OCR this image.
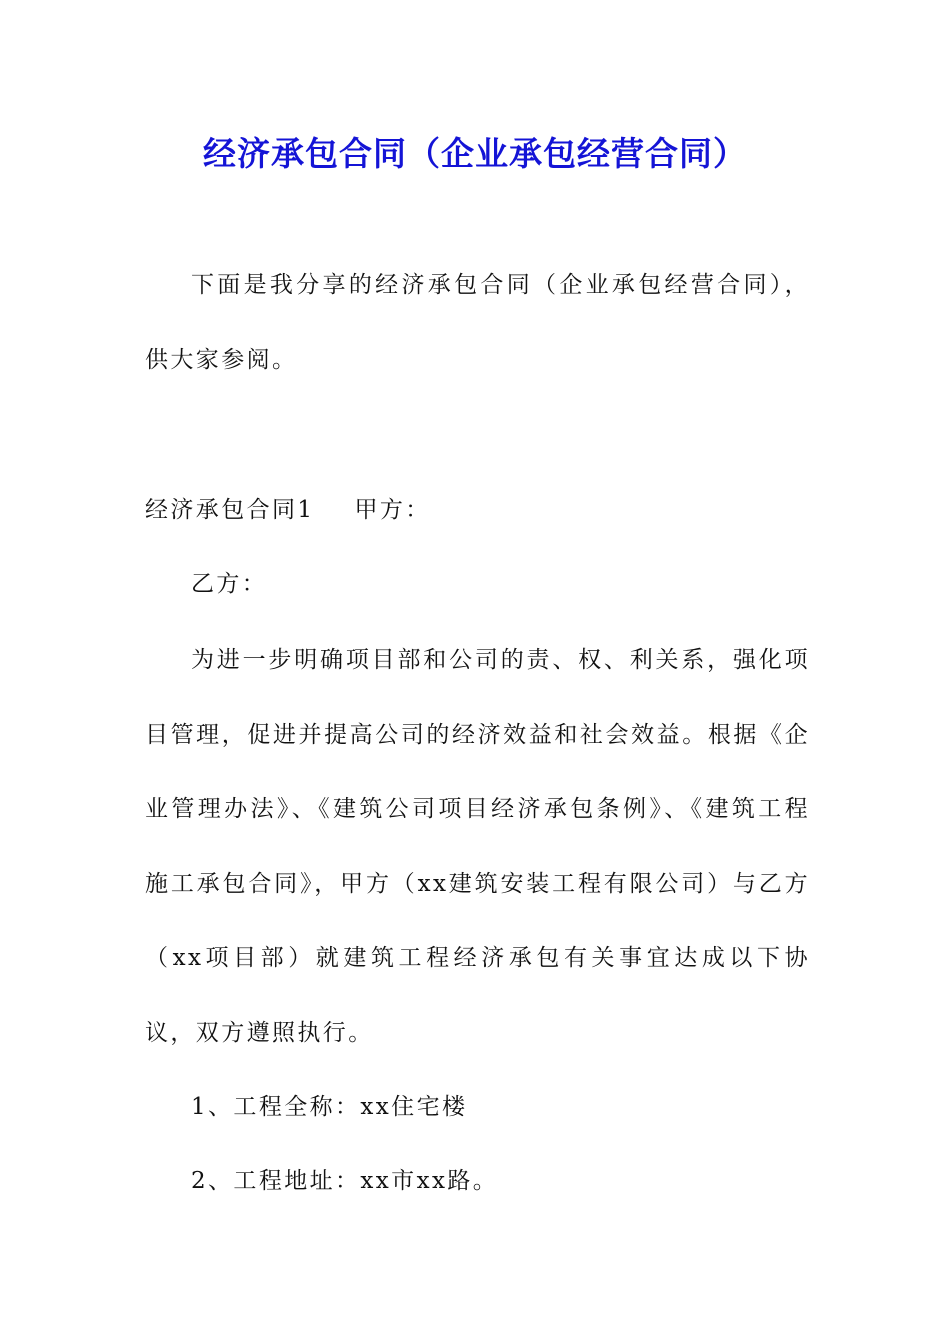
经济承包合同（企业承包经营合同）

下面是我分享的经济承包合同（企业承包经营合同），供大家参阅。

经济承包合同1 甲方：
乙方：

为进一步明确项目部和公司的责、权、利关系，强化项目管理，促进并提高公司的经济效益和社会效益。根据《企业管理办法》、《建筑公司项目经济承包条例》、《建筑工程施工承包合同》，甲方（xx建筑安装工程有限公司）与乙方（xx项目部）就建筑工程经济承包有关事宜达成以下协议，双方遵照执行。

1、工程全称：xx住宅楼
2、工程地址：xx市xx路。
